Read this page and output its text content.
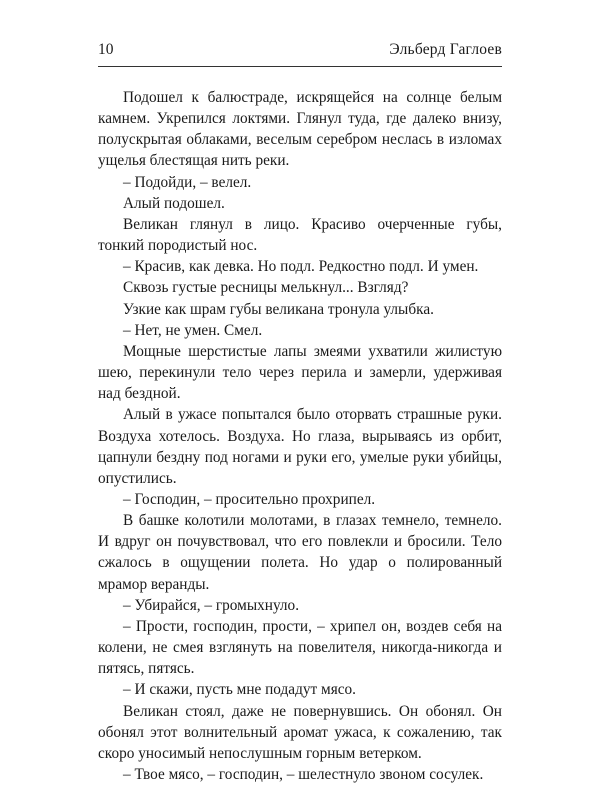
10	Эльберд Гаглоев

Подошел к балюстраде, искрящейся на солнце белым камнем. Укрепился локтями. Глянул туда, где далеко внизу, полускрытая облаками, веселым серебром неслась в изломах ущелья блестящая нить реки.

– Подойди, – велел.

Алый подошел.

Великан глянул в лицо. Красиво очерченные губы, тонкий породистый нос.

– Красив, как девка. Но подл. Редкостно подл. И умен.

Сквозь густые ресницы мелькнул... Взгляд?

Узкие как шрам губы великана тронула улыбка.

– Нет, не умен. Смел.

Мощные шерстистые лапы змеями ухватили жилистую шею, перекинули тело через перила и замерли, удерживая над бездной.

Алый в ужасе попытался было оторвать страшные руки. Воздуха хотелось. Воздуха. Но глаза, вырываясь из орбит, цапнули бездну под ногами и руки его, умелые руки убийцы, опустились.

– Господин, – просительно прохрипел.

В башке колотили молотами, в глазах темнело, темнело. И вдруг он почувствовал, что его повлекли и бросили. Тело сжалось в ощущении полета. Но удар о полированный мрамор веранды.

– Убирайся, – громыхнуло.

– Прости, господин, прости, – хрипел он, воздев себя на колени, не смея взглянуть на повелителя, никогда-никогда и пятясь, пятясь.

– И скажи, пусть мне подадут мясо.

Великан стоял, даже не повернувшись. Он обонял. Он обонял этот волнительный аромат ужаса, к сожалению, так скоро уносимый непослушным горным ветерком.

– Твое мясо, – господин, – шелестнуло звоном сосулек.
